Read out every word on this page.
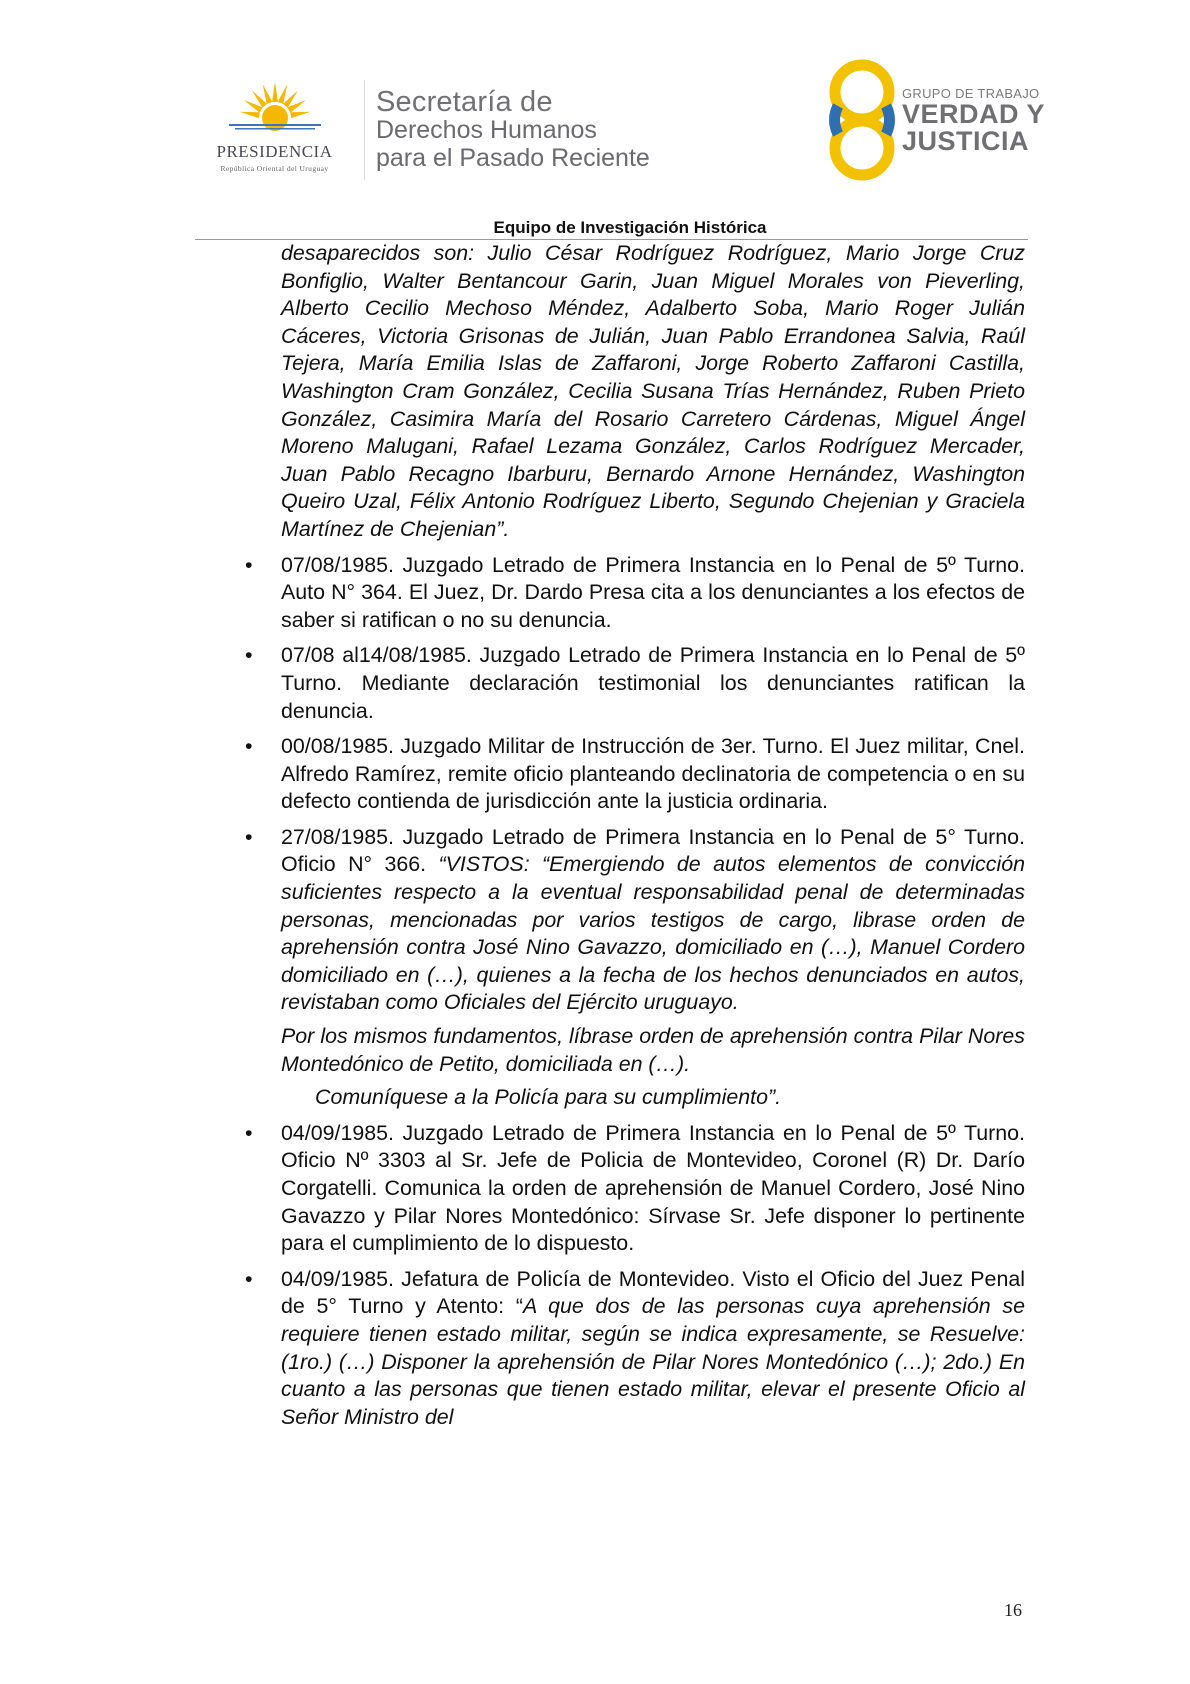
PRESIDENCIA
República Oriental del Uruguay
Secretaría de
Derechos Humanos
para el Pasado Reciente
GRUPO DE TRABAJO
VERDAD Y
JUSTICIA
Equipo de Investigación Histórica

desaparecidos son: Julio César Rodríguez Rodríguez, Mario Jorge Cruz Bonfiglio, Walter Bentancour Garin, Juan Miguel Morales von Pieverling, Alberto Cecilio Mechoso Méndez, Adalberto Soba, Mario Roger Julián Cáceres, Victoria Grisonas de Julián, Juan Pablo Errandonea Salvia, Raúl Tejera, María Emilia Islas de Zaffaroni, Jorge Roberto Zaffaroni Castilla, Washington Cram González, Cecilia Susana Trías Hernández, Ruben Prieto González, Casimira María del Rosario Carretero Cárdenas, Miguel Ángel Moreno Malugani, Rafael Lezama González, Carlos Rodríguez Mercader, Juan Pablo Recagno Ibarburu, Bernardo Arnone Hernández, Washington Queiro Uzal, Félix Antonio Rodríguez Liberto, Segundo Chejenian y Graciela Martínez de Chejenian”.

• 07/08/1985. Juzgado Letrado de Primera Instancia en lo Penal de 5º Turno. Auto N° 364. El Juez, Dr. Dardo Presa cita a los denunciantes a los efectos de saber si ratifican o no su denuncia.
• 07/08 al14/08/1985. Juzgado Letrado de Primera Instancia en lo Penal de 5º Turno. Mediante declaración testimonial los denunciantes ratifican la denuncia.
• 00/08/1985. Juzgado Militar de Instrucción de 3er. Turno. El Juez militar, Cnel. Alfredo Ramírez, remite oficio planteando declinatoria de competencia o en su defecto contienda de jurisdicción ante la justicia ordinaria.
• 27/08/1985. Juzgado Letrado de Primera Instancia en lo Penal de 5° Turno. Oficio N° 366. “VISTOS: “Emergiendo de autos elementos de convicción suficientes respecto a la eventual responsabilidad penal de determinadas personas, mencionadas por varios testigos de cargo, librase orden de aprehensión contra José Nino Gavazzo, domiciliado en (…), Manuel Cordero domiciliado en (…), quienes a la fecha de los hechos denunciados en autos, revistaban como Oficiales del Ejército uruguayo.

Por los mismos fundamentos, líbrase orden de aprehensión contra Pilar Nores Montedónico de Petito, domiciliada en (…).

Comuníquese a la Policía para su cumplimiento”.

• 04/09/1985. Juzgado Letrado de Primera Instancia en lo Penal de 5º Turno. Oficio Nº 3303 al Sr. Jefe de Policia de Montevideo, Coronel (R) Dr. Darío Corgatelli. Comunica la orden de aprehensión de Manuel Cordero, José Nino Gavazzo y Pilar Nores Montedónico: Sírvase Sr. Jefe disponer lo pertinente para el cumplimiento de lo dispuesto.
• 04/09/1985. Jefatura de Policía de Montevideo. Visto el Oficio del Juez Penal de 5° Turno y Atento: “A que dos de las personas cuya aprehensión se requiere tienen estado militar, según se indica expresamente, se Resuelve: (1ro.) (…) Disponer la aprehensión de Pilar Nores Montedónico (…); 2do.) En cuanto a las personas que tienen estado militar, elevar el presente Oficio al Señor Ministro del
16
